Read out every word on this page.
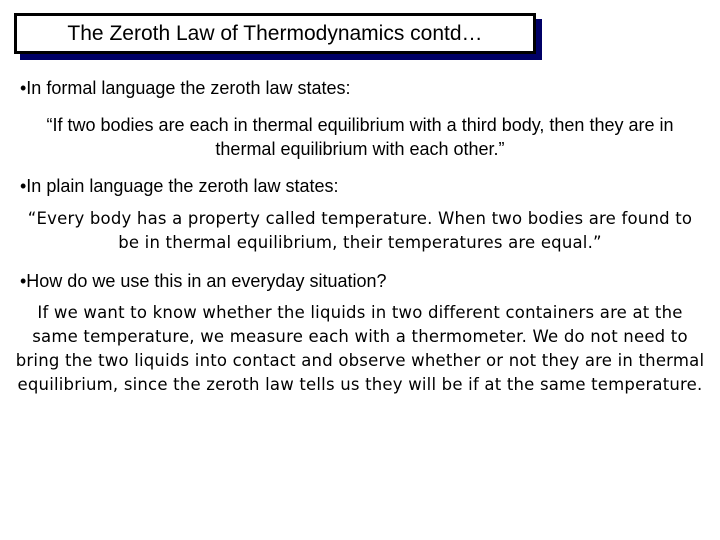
The Zeroth Law of Thermodynamics contd…
•In formal language the zeroth law states:
“If two bodies are each in thermal equilibrium with a third body, then they are in thermal equilibrium with each other.”
•In plain language the zeroth law states:
“Every body has a property called temperature. When two bodies are found to be in thermal equilibrium, their temperatures are equal.”
•How do we use this in an everyday situation?
If we want to know whether the liquids in two different containers are at the same temperature, we measure each with a thermometer. We do not need to bring the two liquids into contact and observe whether or not they are in thermal equilibrium, since the zeroth law tells us they will be if at the same temperature.
